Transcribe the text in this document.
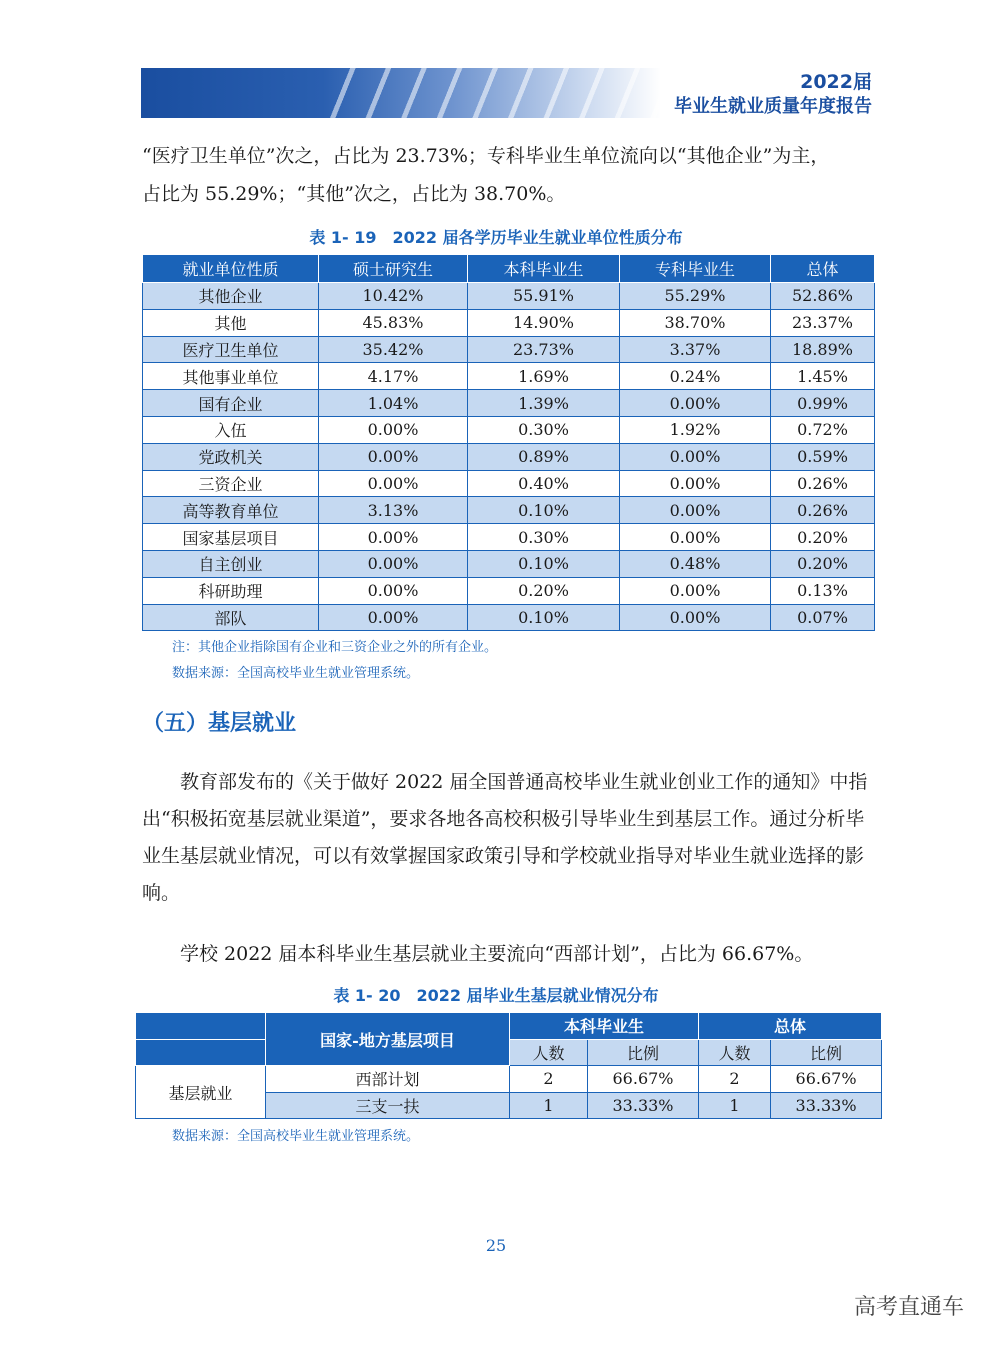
2022届
毕业生就业质量年度报告

“医疗卫生单位”次之，占比为 23.73%；专科毕业生单位流向以“其他企业”为主，

占比为 55.29%；“其他”次之，占比为 38.70%。

表 1- 19　2022 届各学历毕业生就业单位性质分布
就业单位性质	硕士研究生	本科毕业生	专科毕业生	总体
其他企业	10.42%	55.91%	55.29%	52.86%
其他	45.83%	14.90%	38.70%	23.37%
医疗卫生单位	35.42%	23.73%	3.37%	18.89%
其他事业单位	4.17%	1.69%	0.24%	1.45%
国有企业	1.04%	1.39%	0.00%	0.99%
入伍	0.00%	0.30%	1.92%	0.72%
党政机关	0.00%	0.89%	0.00%	0.59%
三资企业	0.00%	0.40%	0.00%	0.26%
高等教育单位	3.13%	0.10%	0.00%	0.26%
国家基层项目	0.00%	0.30%	0.00%	0.20%
自主创业	0.00%	0.10%	0.48%	0.20%
科研助理	0.00%	0.20%	0.00%	0.13%
部队	0.00%	0.10%	0.00%	0.07%
注：其他企业指除国有企业和三资企业之外的所有企业。
数据来源：全国高校毕业生就业管理系统。
（五）基层就业

教育部发布的《关于做好 2022 届全国普通高校毕业生就业创业工作的通知》中指出“积极拓宽基层就业渠道”，要求各地各高校积极引导毕业生到基层工作。通过分析毕业生基层就业情况，可以有效掌握国家政策引导和学校就业指导对毕业生就业选择的影响。

学校 2022 届本科毕业生基层就业主要流向“西部计划”，占比为 66.67%。

表 1- 20　2022 届毕业生基层就业情况分布
	国家-地方基层项目	本科毕业生		总体	
		人数	比例	人数	比例
基层就业	西部计划	2	66.67%	2	66.67%
	三支一扶	1	33.33%	1	33.33%
数据来源：全国高校毕业生就业管理系统。
25
高考直通车
